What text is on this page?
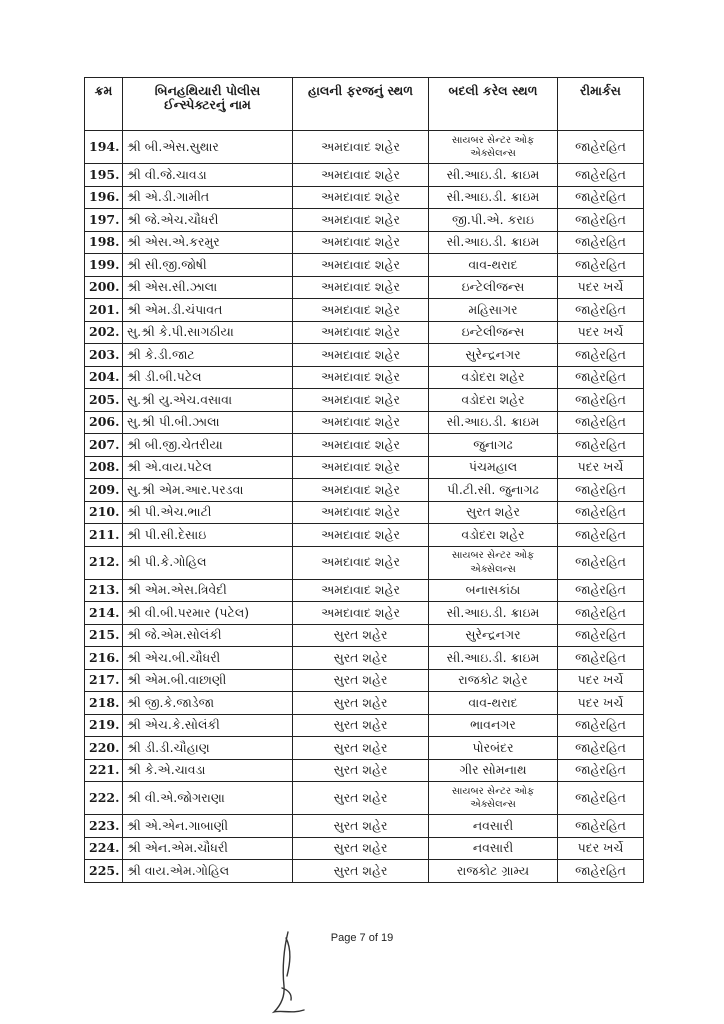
ક્રમ	બિનહથિયારી પોલીસ ઈન્સ્પેક્ટરનું નામ	હાલની ફરજનું સ્થળ	બદલી કરેલ સ્થળ	રીમાર્કસ
194.	શ્રી બી.એસ.સુથાર	અમદાવાદ શહેર	સાયબર સેન્ટર ઓફ એક્સેલન્સ	જાહેરહિત
195.	શ્રી વી.જે.ચાવડા	અમદાવાદ શહેર	સી.આઇ.ડી. ક્રાઇમ	જાહેરહિત
196.	શ્રી એ.ડી.ગામીત	અમદાવાદ શહેર	સી.આઇ.ડી. ક્રાઇમ	જાહેરહિત
197.	શ્રી જે.એચ.ચૌધરી	અમદાવાદ શહેર	જી.પી.એ. કરાઇ	જાહેરહિત
198.	શ્રી એસ.એ.કરમુર	અમદાવાદ શહેર	સી.આઇ.ડી. ક્રાઇમ	જાહેરહિત
199.	શ્રી સી.જી.જોષી	અમદાવાદ શહેર	વાવ-થરાદ	જાહેરહિત
200.	શ્રી એસ.સી.ઝાલા	અમદાવાદ શહેર	ઇન્ટેલીજન્સ	પદર ખર્ચે
201.	શ્રી એમ.ડી.ચંપાવત	અમદાવાદ શહેર	મહિસાગર	જાહેરહિત
202.	સુ.શ્રી કે.પી.સાગઠીયા	અમદાવાદ શહેર	ઇન્ટેલીજન્સ	પદર ખર્ચે
203.	શ્રી કે.ડી.જાટ	અમદાવાદ શહેર	સુરેન્દ્રનગર	જાહેરહિત
204.	શ્રી ડી.બી.પટેલ	અમદાવાદ શહેર	વડોદરા શહેર	જાહેરહિત
205.	સુ.શ્રી યુ.એચ.વસાવા	અમદાવાદ શહેર	વડોદરા શહેર	જાહેરહિત
206.	સુ.શ્રી પી.બી.ઝાલા	અમદાવાદ શહેર	સી.આઇ.ડી. ક્રાઇમ	જાહેરહિત
207.	શ્રી બી.જી.ચેતરીયા	અમદાવાદ શહેર	જુનાગઢ	જાહેરહિત
208.	શ્રી એ.વાય.પટેલ	અમદાવાદ શહેર	પંચમહાલ	પદર ખર્ચે
209.	સુ.શ્રી એમ.આર.પરડવા	અમદાવાદ શહેર	પી.ટી.સી. જુનાગઢ	જાહેરહિત
210.	શ્રી પી.એચ.ભાટી	અમદાવાદ શહેર	સુરત શહેર	જાહેરહિત
211.	શ્રી પી.સી.દેસાઇ	અમદાવાદ શહેર	વડોદરા શહેર	જાહેરહિત
212.	શ્રી પી.કે.ગોહિલ	અમદાવાદ શહેર	સાયબર સેન્ટર ઓફ એક્સેલન્સ	જાહેરહિત
213.	શ્રી એમ.એસ.ત્રિવેદી	અમદાવાદ શહેર	બનાસકાંઠા	જાહેરહિત
214.	શ્રી વી.બી.પરમાર (પટેલ)	અમદાવાદ શહેર	સી.આઇ.ડી. ક્રાઇમ	જાહેરહિત
215.	શ્રી જે.એમ.સોલંકી	સુરત શહેર	સુરેન્દ્રનગર	જાહેરહિત
216.	શ્રી એચ.બી.ચૌધરી	સુરત શહેર	સી.આઇ.ડી. ક્રાઇમ	જાહેરહિત
217.	શ્રી એમ.બી.વાછાણી	સુરત શહેર	રાજકોટ શહેર	પદર ખર્ચે
218.	શ્રી જી.કે.જાડેજા	સુરત શહેર	વાવ-થરાદ	પદર ખર્ચે
219.	શ્રી એચ.કે.સોલંકી	સુરત શહેર	ભાવનગર	જાહેરહિત
220.	શ્રી ડી.ડી.ચૌહાણ	સુરત શહેર	પોરબંદર	જાહેરહિત
221.	શ્રી કે.એ.ચાવડા	સુરત શહેર	ગીર સોમનાથ	જાહેરહિત
222.	શ્રી વી.એ.જોગરાણા	સુરત શહેર	સાયબર સેન્ટર ઓફ એક્સેલન્સ	જાહેરહિત
223.	શ્રી એ.એન.ગાબાણી	સુરત શહેર	નવસારી	જાહેરહિત
224.	શ્રી એન.એમ.ચૌધરી	સુરત શહેર	નવસારી	પદર ખર્ચે
225.	શ્રી વાય.એમ.ગોહિલ	સુરત શહેર	રાજકોટ ગ્રામ્ય	જાહેરહિત
Page 7 of 19
